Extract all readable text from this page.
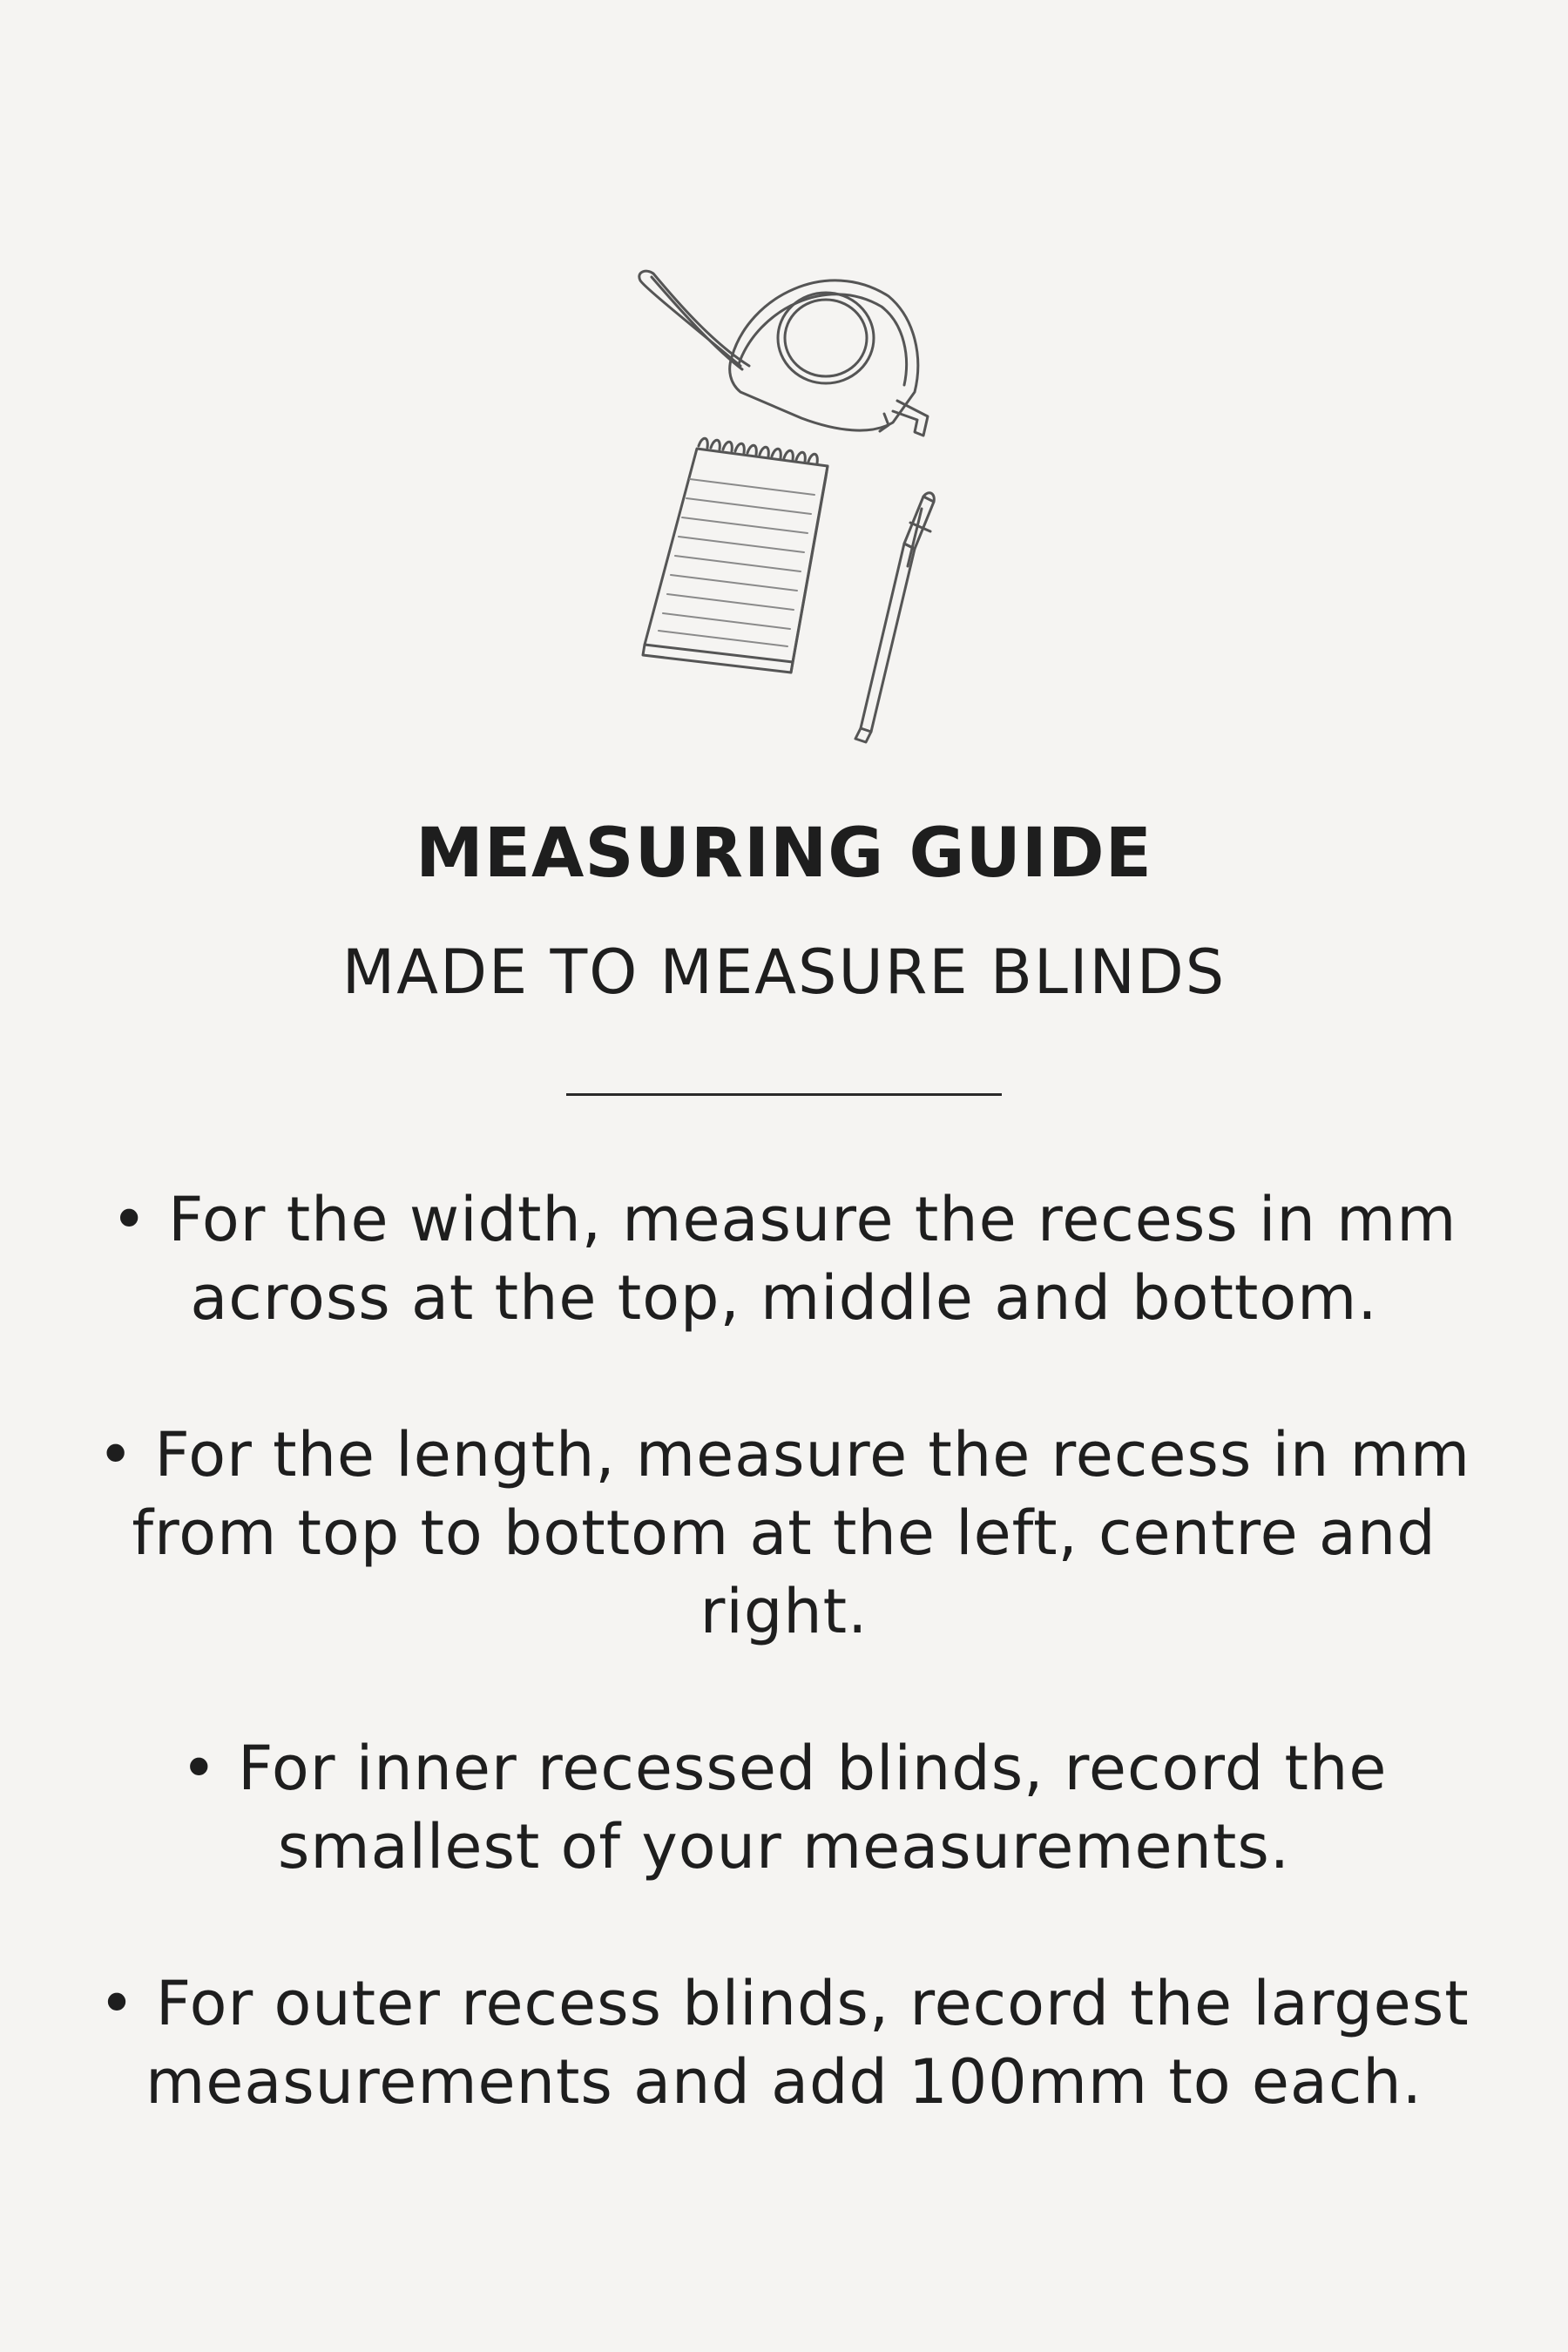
MEASURING GUIDE
MADE TO MEASURE BLINDS
• For the width, measure the recess in mm across at the top, middle and bottom.
• For the length, measure the recess in mm from top to bottom at the left, centre and right.
• For inner recessed blinds, record the smallest of your measurements.
• For outer recess blinds, record the largest measurements and add 100mm to each.
